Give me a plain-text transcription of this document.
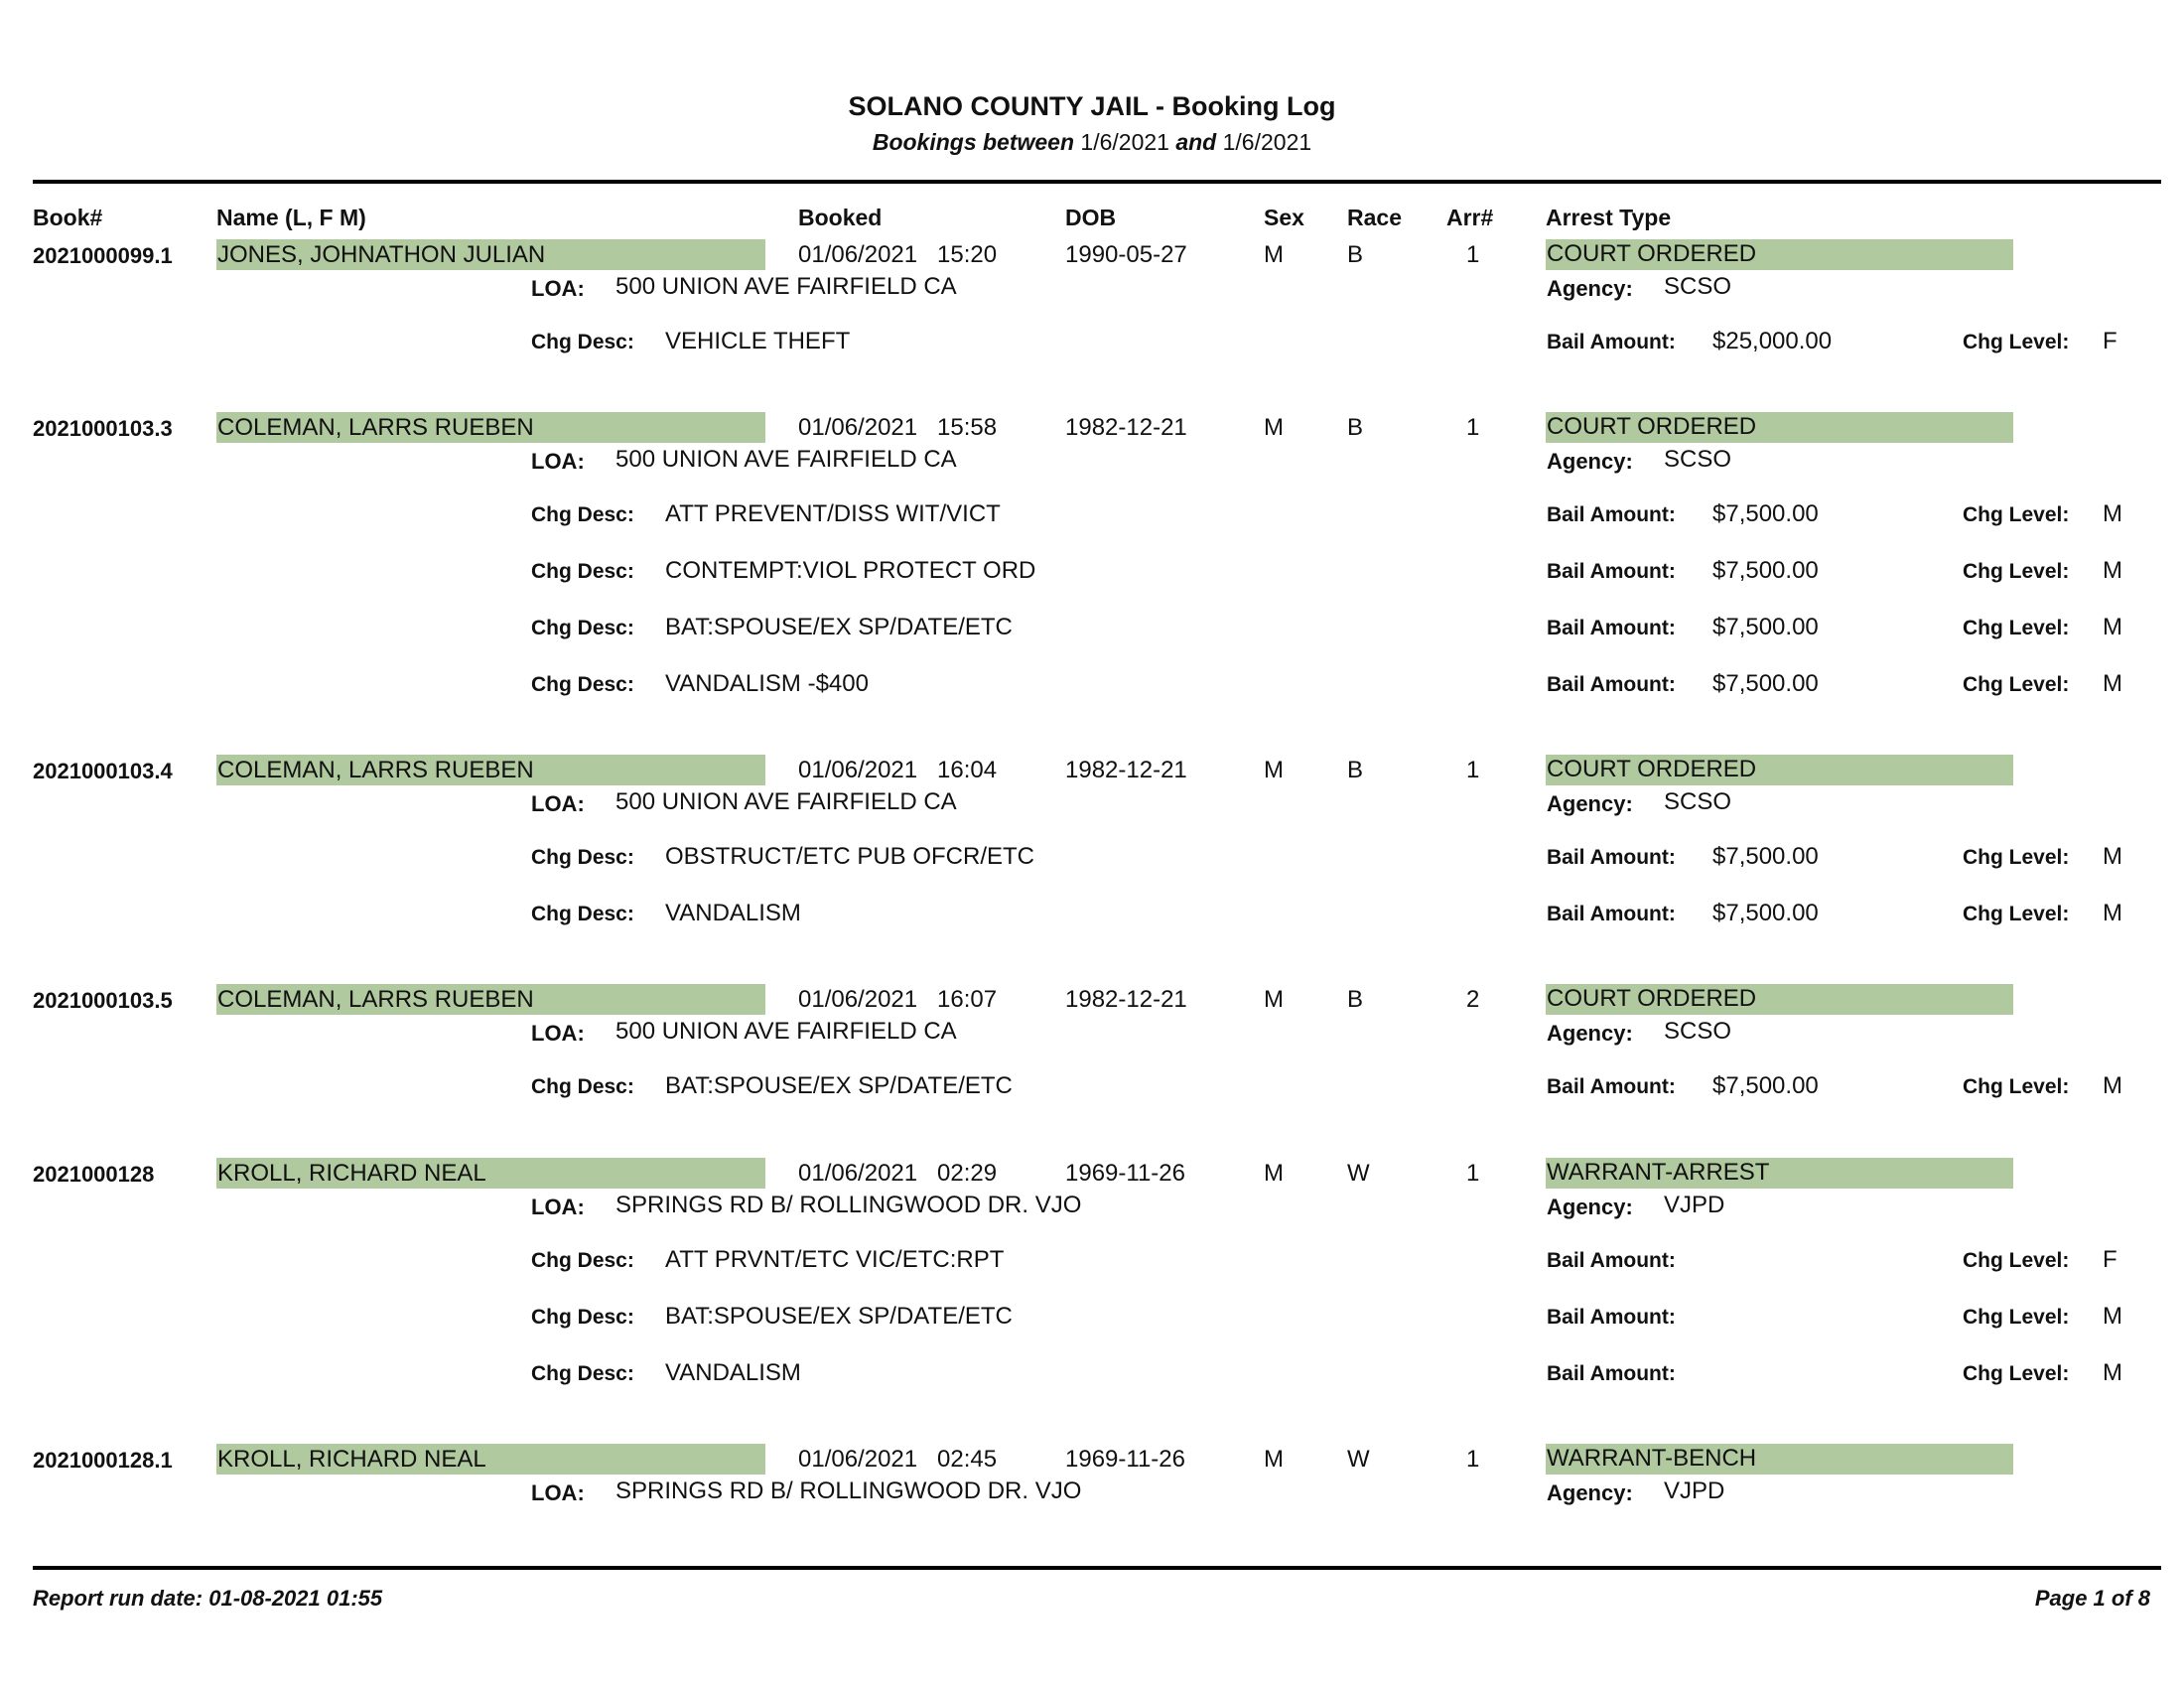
SOLANO COUNTY JAIL - Booking Log
Bookings between 1/6/2021 and 1/6/2021
Book#	Name (L, F M)	Booked	DOB	Sex Race Arr# Arrest Type
2021000099.1 JONES, JOHNATHON JULIAN	01/06/2021 15:20	1990-05-27	M	B	1	COURT ORDERED
LOA: 500 UNION AVE FAIRFIELD CA	Agency: SCSO
Chg Desc: VEHICLE THEFT	Bail Amount: $25,000.00	Chg Level: F
2021000103.3 COLEMAN, LARRS RUEBEN	01/06/2021 15:58	1982-12-21	M	B	1	COURT ORDERED
LOA: 500 UNION AVE FAIRFIELD CA	Agency: SCSO
Chg Desc: ATT PREVENT/DISS WIT/VICT	Bail Amount: $7,500.00	Chg Level: M
Chg Desc: CONTEMPT:VIOL PROTECT ORD	Bail Amount: $7,500.00	Chg Level: M
Chg Desc: BAT:SPOUSE/EX SP/DATE/ETC	Bail Amount: $7,500.00	Chg Level: M
Chg Desc: VANDALISM -$400	Bail Amount: $7,500.00	Chg Level: M
2021000103.4 COLEMAN, LARRS RUEBEN	01/06/2021 16:04	1982-12-21	M	B	1	COURT ORDERED
LOA: 500 UNION AVE FAIRFIELD CA	Agency: SCSO
Chg Desc: OBSTRUCT/ETC PUB OFCR/ETC	Bail Amount: $7,500.00	Chg Level: M
Chg Desc: VANDALISM	Bail Amount: $7,500.00	Chg Level: M
2021000103.5 COLEMAN, LARRS RUEBEN	01/06/2021 16:07	1982-12-21	M	B	2	COURT ORDERED
LOA: 500 UNION AVE FAIRFIELD CA	Agency: SCSO
Chg Desc: BAT:SPOUSE/EX SP/DATE/ETC	Bail Amount: $7,500.00	Chg Level: M
2021000128	KROLL, RICHARD NEAL	01/06/2021 02:29	1969-11-26	M	W	1	WARRANT-ARREST
LOA: SPRINGS RD B/ ROLLINGWOOD DR. VJO	Agency: VJPD
Chg Desc: ATT PRVNT/ETC VIC/ETC:RPT	Bail Amount:	Chg Level: F
Chg Desc: BAT:SPOUSE/EX SP/DATE/ETC	Bail Amount:	Chg Level: M
Chg Desc: VANDALISM	Bail Amount:	Chg Level: M
2021000128.1 KROLL, RICHARD NEAL	01/06/2021 02:45	1969-11-26	M	W	1	WARRANT-BENCH
LOA: SPRINGS RD B/ ROLLINGWOOD DR. VJO	Agency: VJPD
Report run date: 01-08-2021 01:55	Page 1 of 8
